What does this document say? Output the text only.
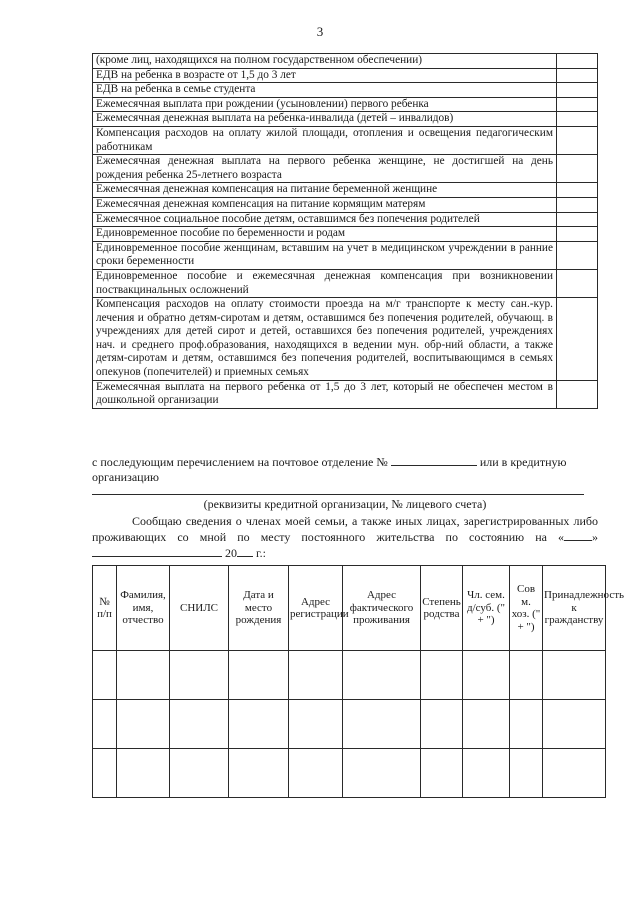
3
(кроме лиц, находящихся на полном государственном обеспечении)	
ЕДВ на ребенка в возрасте от 1,5 до 3 лет	
ЕДВ на ребенка в семье студента	
Ежемесячная выплата при рождении (усыновлении) первого ребенка	
Ежемесячная денежная выплата на ребенка-инвалида (детей – инвалидов)	
Компенсация расходов на оплату жилой площади, отопления и освещения педагогическим работникам	
Ежемесячная денежная выплата на первого ребенка женщине, не достигшей на день рождения ребенка 25-летнего возраста	
Ежемесячная денежная компенсация на питание беременной женщине	
Ежемесячная денежная компенсация на питание кормящим матерям	
Ежемесячное социальное пособие детям, оставшимся без попечения родителей	
Единовременное пособие по беременности и родам	
Единовременное пособие женщинам, вставшим на учет в медицинском учреждении в ранние сроки беременности	
Единовременное пособие и ежемесячная денежная компенсация при возникновении поствакцинальных осложнений	
Компенсация расходов на оплату стоимости проезда на м/г транспорте к месту сан.-кур. лечения и обратно детям-сиротам и детям, оставшимся без попечения родителей, обучающ. в учреждениях для детей сирот и детей, оставшихся без попечения родителей, учреждениях нач. и среднего проф.образования, находящихся в ведении мун. обр-ний области, а также детям-сиротам и детям, оставшимся без попечения родителей, воспитывающимся в семьях опекунов (попечителей) и приемных семьях	
Ежемесячная выплата на первого ребенка от 1,5 до 3 лет, который не обеспечен местом в дошкольной организации	
с последующим перечислением на почтовое отделение №	или в кредитную организацию
(реквизиты кредитной организации, № лицевого счета)
Сообщаю сведения о членах моей семьи, а также иных лицах, зарегистрированных либо проживающих со мной по месту постоянного жительства по состоянию на « »  20 г.:
№ п/п	Фамилия, имя, отчество	СНИЛС	Дата и место рождения	Адрес регистрации	Адрес фактического проживания	Степень родства	Чл. сем. д/суб. (" + ")	Сов м. хоз. (" + ")	Принадлежность к гражданству
